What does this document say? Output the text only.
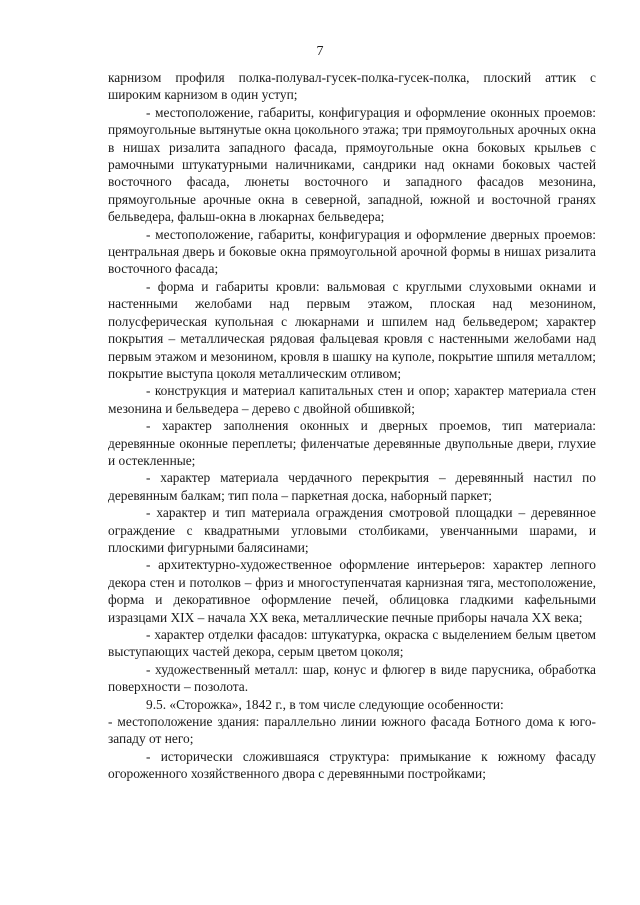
7

карнизом профиля полка-полувал-гусек-полка-гусек-полка, плоский аттик с широким карнизом в один уступ;

- местоположение, габариты, конфигурация и оформление оконных проемов: прямоугольные вытянутые окна цокольного этажа; три прямоугольных арочных окна в нишах ризалита западного фасада, прямоугольные окна боковых крыльев с рамочными штукатурными наличниками, сандрики над окнами боковых частей восточного фасада, люнеты восточного и западного фасадов мезонина, прямоугольные арочные окна в северной, западной, южной и восточной гранях бельведера, фальш-окна в люкарнах бельведера;

- местоположение, габариты, конфигурация и оформление дверных проемов: центральная дверь и боковые окна прямоугольной арочной формы в нишах ризалита восточного фасада;

- форма и габариты кровли: вальмовая с круглыми слуховыми окнами и настенными желобами над первым этажом, плоская над мезонином, полусферическая купольная с люкарнами и шпилем над бельведером; характер покрытия – металлическая рядовая фальцевая кровля с настенными желобами над первым этажом и мезонином, кровля в шашку на куполе, покрытие шпиля металлом; покрытие выступа цоколя металлическим отливом;

- конструкция и материал капитальных стен и опор; характер материала стен мезонина и бельведера – дерево с двойной обшивкой;

- характер заполнения оконных и дверных проемов, тип материала: деревянные оконные переплеты; филенчатые деревянные двупольные двери, глухие и остекленные;

- характер материала чердачного перекрытия – деревянный настил по деревянным балкам; тип пола – паркетная доска, наборный паркет;

- характер и тип материала ограждения смотровой площадки – деревянное ограждение с квадратными угловыми столбиками, увенчанными шарами, и плоскими фигурными балясинами;

- архитектурно-художественное оформление интерьеров: характер лепного декора стен и потолков – фриз и многоступенчатая карнизная тяга, местоположение, форма и декоративное оформление печей, облицовка гладкими кафельными изразцами XIX – начала XX века, металлические печные приборы начала XX века;

- характер отделки фасадов: штукатурка, окраска с выделением белым цветом выступающих частей декора, серым цветом цоколя;

- художественный металл: шар, конус и флюгер в виде парусника, обработка поверхности – позолота.

9.5. «Сторожка», 1842 г., в том числе следующие особенности:

- местоположение здания: параллельно линии южного фасада Ботного дома к юго-западу от него;

- исторически сложившаяся структура: примыкание к южному фасаду огороженного хозяйственного двора с деревянными постройками;
